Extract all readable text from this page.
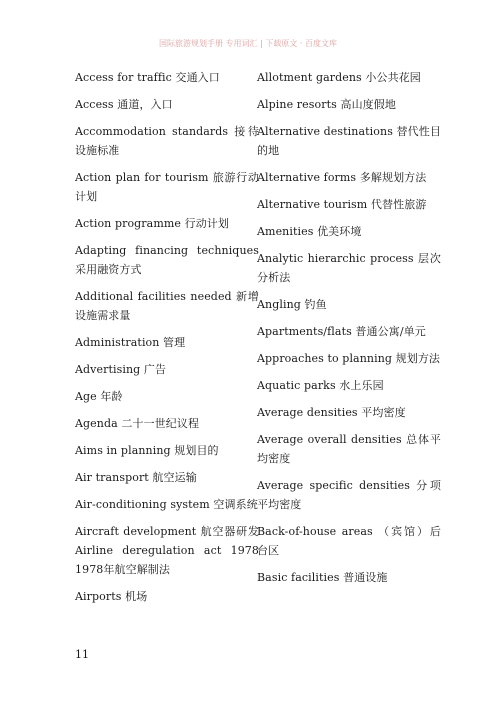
国际旅游规划手册 专用词汇 | 下载原文 · 百度文库
Access for traffic 交通入口
Access 通道，入口
Accommodation standards 接待设施标准
Action plan for tourism 旅游行动计划
Action programme 行动计划
Adapting financing techniques 采用融资方式
Additional facilities needed 新增设施需求量
Administration 管理
Advertising 广告
Age 年龄
Agenda 二十一世纪议程
Aims in planning 规划目的
Air transport 航空运输
Air-conditioning system 空调系统
Aircraft development 航空器研发 Airline deregulation act 1978 1978年航空解制法
Airports 机场
Allotment gardens 小公共花园
Alpine resorts 高山度假地
Alternative destinations 替代性目的地
Alternative forms 多解规划方法
Alternative tourism 代替性旅游
Amenities 优美环境
Analytic hierarchic process 层次分析法
Angling 钓鱼
Apartments/flats 普通公寓/单元
Approaches to planning 规划方法
Aquatic parks 水上乐园
Average densities 平均密度
Average overall densities 总体平均密度
Average specific densities 分项平均密度
Back-of-house areas （宾馆）后台区
Basic facilities 普通设施
11
